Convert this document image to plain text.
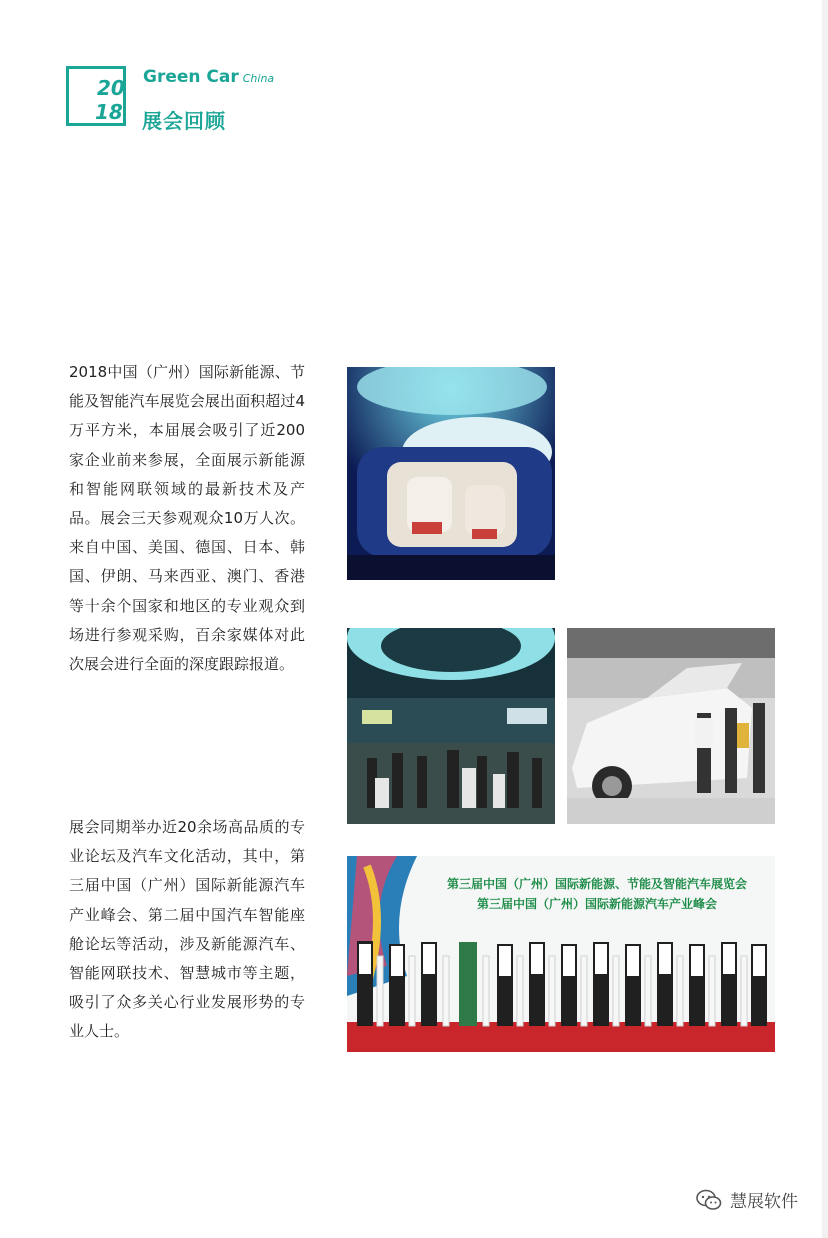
20
18
Green Car China
展会回顾
2018中国（广州）国际新能源、节能及智能汽车展览会展出面积超过4万平方米，本届展会吸引了近200家企业前来参展，全面展示新能源和智能网联领域的最新技术及产品。展会三天参观观众10万人次。来自中国、美国、德国、日本、韩国、伊朗、马来西亚、澳门、香港等十余个国家和地区的专业观众到场进行参观采购，百余家媒体对此次展会进行全面的深度跟踪报道。
展会同期举办近20余场高品质的专业论坛及汽车文化活动，其中，第三届中国（广州）国际新能源汽车产业峰会、第二届中国汽车智能座舱论坛等活动，涉及新能源汽车、智能网联技术、智慧城市等主题，吸引了众多关心行业发展形势的专业人士。
第三届中国（广州）国际新能源、节能及智能汽车展览会
第三届中国（广州）国际新能源汽车产业峰会
慧展软件
